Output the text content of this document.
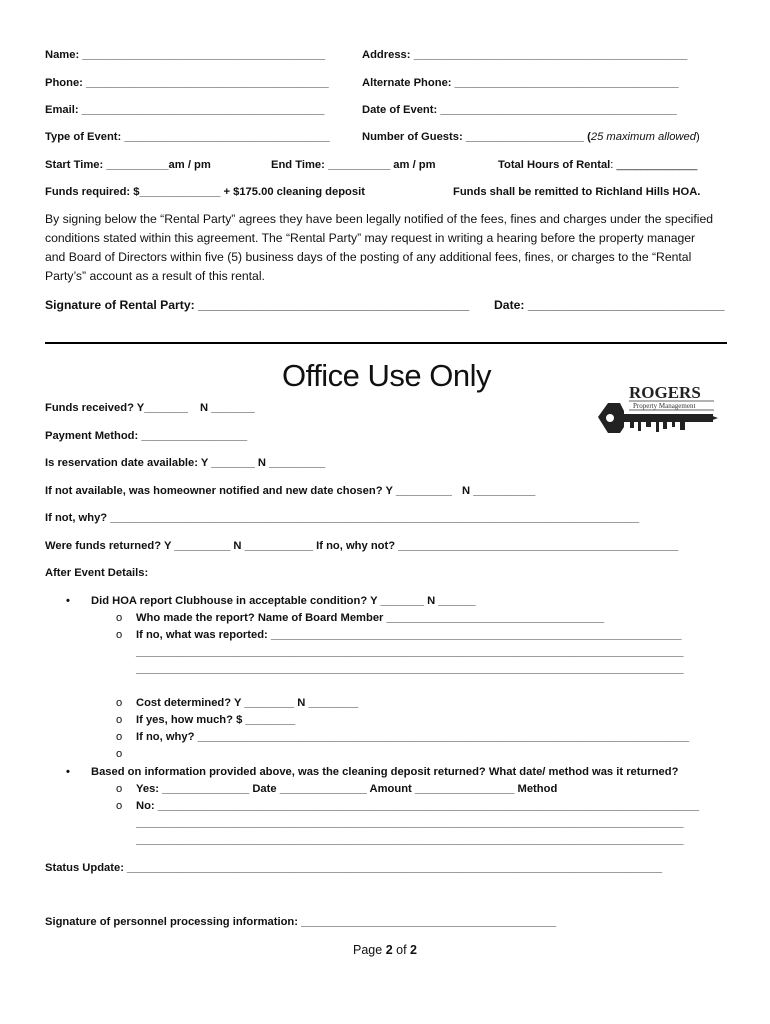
Name: _______________________________________	Address: ____________________________________________
Phone: _______________________________________	Alternate Phone: ____________________________________
Email: _______________________________________	Date of Event: ______________________________________
Type of Event: _________________________________	Number of Guests: ___________________ (25 maximum allowed)
Start Time: __________am / pm	End Time: __________ am / pm	Total Hours of Rental: _____________
Funds required: $_____________ + $175.00 cleaning deposit	Funds shall be remitted to Richland Hills HOA.
By signing below the “Rental Party” agrees they have been legally notified of the fees, fines and charges under the specified
conditions stated within this agreement. The “Rental Party” may request in writing a hearing before the property manager
and Board of Directors within five (5) business days of the posting of any additional fees, fines, or charges to the “Rental
Party’s” account as a result of this rental.
Signature of Rental Party: ________________________________________ Date: _____________________________
Office Use Only	ROGERS
Property Management
Funds received? Y_______ N _______
Payment Method: _________________
Is reservation date available: Y _______ N _________
If not available, was homeowner notified and new date chosen? Y _________ N __________
If not, why? _____________________________________________________________________________________
Were funds returned? Y _________ N ___________ If no, why not? _____________________________________________
After Event Details:
• Did HOA report Clubhouse in acceptable condition? Y _______ N ______
o Who made the report? Name of Board Member ___________________________________
o If no, what was reported: __________________________________________________________________
________________________________________________________________________________________
________________________________________________________________________________________
o Cost determined? Y ________ N ________
o If yes, how much? $ ________
o If no, why? _______________________________________________________________________________
o
• Based on information provided above, was the cleaning deposit returned? What date/ method was it returned?
o Yes: ______________ Date ______________ Amount ________________ Method
o No: _______________________________________________________________________________________
________________________________________________________________________________________
________________________________________________________________________________________
Status Update: ______________________________________________________________________________________
Signature of personnel processing information: _________________________________________
Page 2 of 2
